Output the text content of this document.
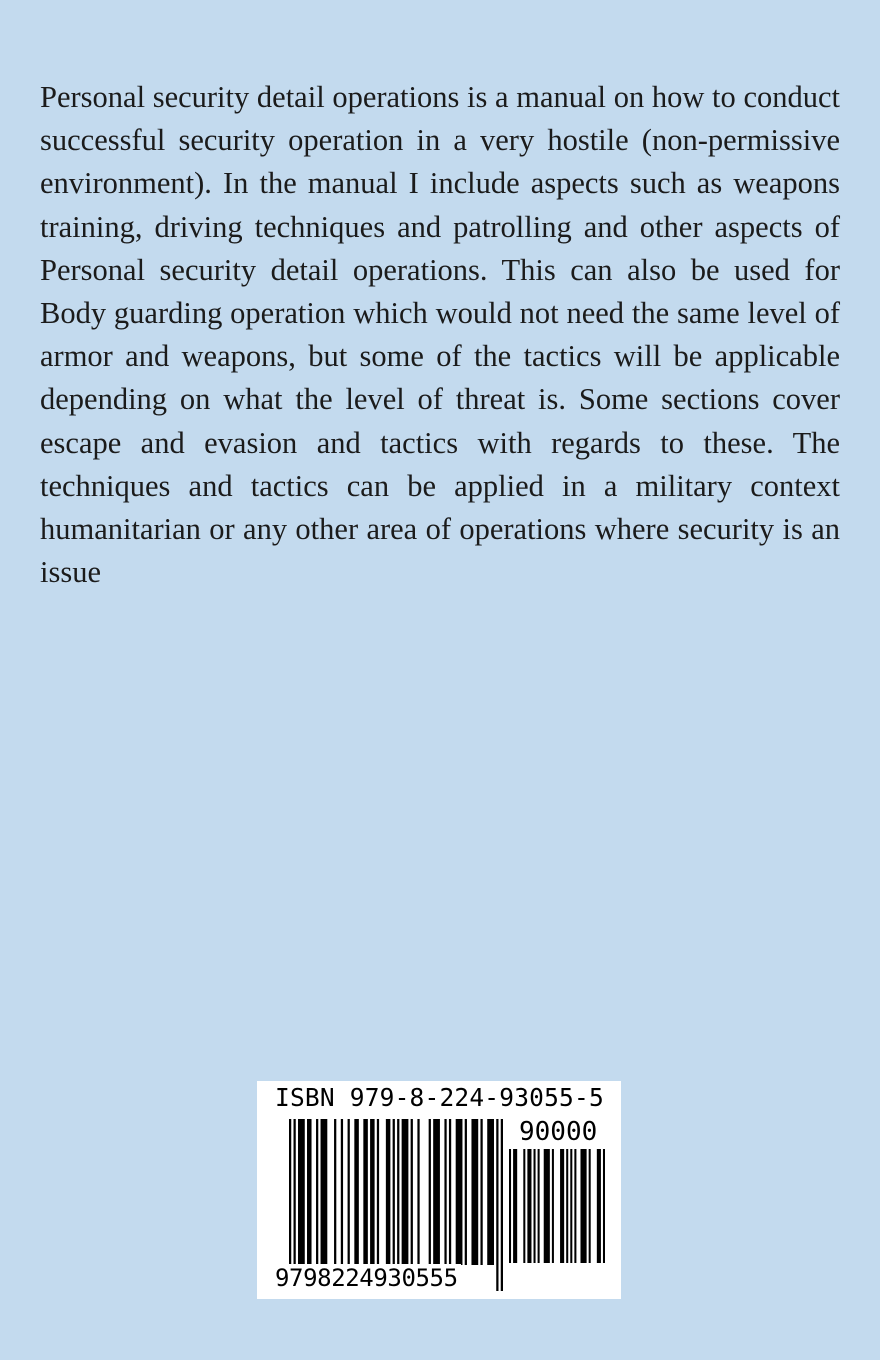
Personal security detail operations is a manual on how to conduct successful security operation in a very hostile (non-permissive environment). In the manual I include aspects such as weapons training, driving techniques and patrolling and other aspects of Personal security detail operations. This can also be used for Body guarding operation which would not need the same level of armor and weapons, but some of the tactics will be applicable depending on what the level of threat is. Some sections cover escape and evasion and tactics with regards to these. The techniques and tactics can be applied in a military context humanitarian or any other area of operations where security is an issue

ISBN 979-8-224-93055-5
90000
9798224930555
